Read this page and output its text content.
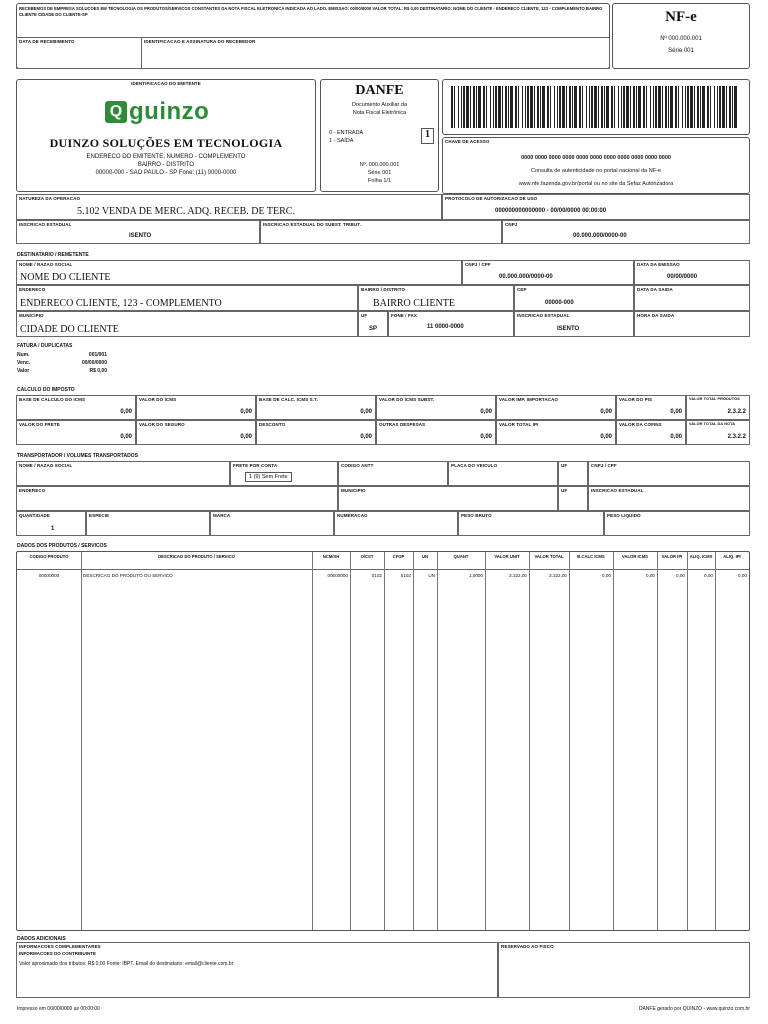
RECEBEMOS DE EMPRESA SOLUCOES EM TECNOLOGIA OS PRODUTOS/SERVICOS CONSTANTES DA NOTA FISCAL ELETRONICA INDICADA AO LADO. EMISSAO: 00/00/0000 VALOR TOTAL: R$ 0,00 DESTINATARIO: NOME DO CLIENTE - ENDERECO CLIENTE, 123 - COMPLEMENTO BAIRRO CLIENTE CIDADE DO CLIENTE-SP
DATA DE RECEBIMENTO	IDENTIFICACAO E ASSINATURA DO RECEBEDOR
NF-e
Nº 000.000.001
Série 001
IDENTIFICACAO DO EMITENTE
Q guinzo
DUINZO SOLUÇÕES EM TECNOLOGIA
ENDERECO DO EMITENTE, NUMERO - COMPLEMENTO
BAIRRO - DISTRITO
00000-000 - SAO PAULO - SP Fone: (11) 0000-0000
DANFE
Documento Auxiliar da
Nota Fiscal Eletrônica
0 - ENTRADA
1 - SAÍDA
1
Nº. 000.000.001
Série 001
Folha 1/1
CHAVE DE ACESSO
0000 0000 0000 0000 0000 0000 0000 0000 0000 0000 0000
Consulta de autenticidade no portal nacional da NF-e
www.nfe.fazenda.gov.br/portal ou no site da Sefaz Autorizadora
NATUREZA DA OPERACAO
5.102 VENDA DE MERC. ADQ. RECEB. DE TERC.
PROTOCOLO DE AUTORIZACAO DE USO
000000000000000 - 00/00/0000 00:00:00
INSCRICAO ESTADUAL
ISENTO
INSCRICAO ESTADUAL DO SUBST. TRIBUT.	CNPJ
00.000.000/0000-00
DESTINATARIO / REMETENTE
NOME / RAZAO SOCIAL
NOME DO CLIENTE
CNPJ / CPF
00.000.000/0000-00
DATA DA EMISSAO
00/00/0000
ENDERECO
ENDERECO CLIENTE, 123 - COMPLEMENTO
BAIRRO / DISTRITO
BAIRRO CLIENTE
CEP
00000-000
DATA DA SAIDA
MUNICIPIO
CIDADE DO CLIENTE
UF
SP
FONE / FAX
11 0000-0000
INSCRICAO ESTADUAL
ISENTO
HORA DA SAIDA
FATURA / DUPLICATAS
Num.	001/001
Venc.	00/00/0000
Valor	R$ 0,00
CALCULO DO IMPOSTO
BASE DE CALCULO DO ICMS
0,00
VALOR DO ICMS
0,00
BASE DE CALC. ICMS S.T.
0,00
VALOR DO ICMS SUBST.
0,00
VALOR IMP. IMPORTACAO
0,00
VALOR DO PIS
0,00
VALOR TOTAL PRODUTOS
2.3.2.2
VALOR DO FRETE
0,00
VALOR DO SEGURO
0,00
DESCONTO
0,00
OUTRAS DESPESAS
0,00
VALOR TOTAL IPI
0,00
VALOR DA COFINS
0,00
VALOR TOTAL DA NOTA
2.3.2.2
TRANSPORTADOR / VOLUMES TRANSPORTADOS
NOME / RAZAO SOCIAL	FRETE POR CONTA
1 (9) Sem Frete
CODIGO ANTT	PLACA DO VEICULO	UF	CNPJ / CPF
ENDERECO	MUNICIPIO	UF	INSCRICAO ESTADUAL
QUANTIDADE
1
ESPECIE	MARCA	NUMERACAO	PESO BRUTO	PESO LIQUIDO
DADOS DOS PRODUTOS / SERVICOS
CODIGO PRODUTO	DESCRICAO DO PRODUTO / SERVICO	NCM/SH	O/CST	CFOP	UN	QUANT	VALOR UNIT	VALOR TOTAL	B.CALC ICMS	VALOR ICMS	VALOR IPI	ALIQ. ICMS	ALIQ. IPI
00000000	DESCRICAO DO PRODUTO OU SERVICO	00000000	0102	5102	UN	1,0000	2.322,00	2.322,00	0,00	0,00	0,00	0,00	0,00
DADOS ADICIONAIS
INFORMACOES COMPLEMENTARES
INFORMACOES DO CONTRIBUINTE
Valor aproximado dos tributos: R$ 0,00 Fonte: IBPT. Email do destinatario: email@cliente.com.br
RESERVADO AO FISCO
Impresso em 00/00/0000 as 00:00:00	DANFE gerado por QUINZO - www.quinzo.com.br
